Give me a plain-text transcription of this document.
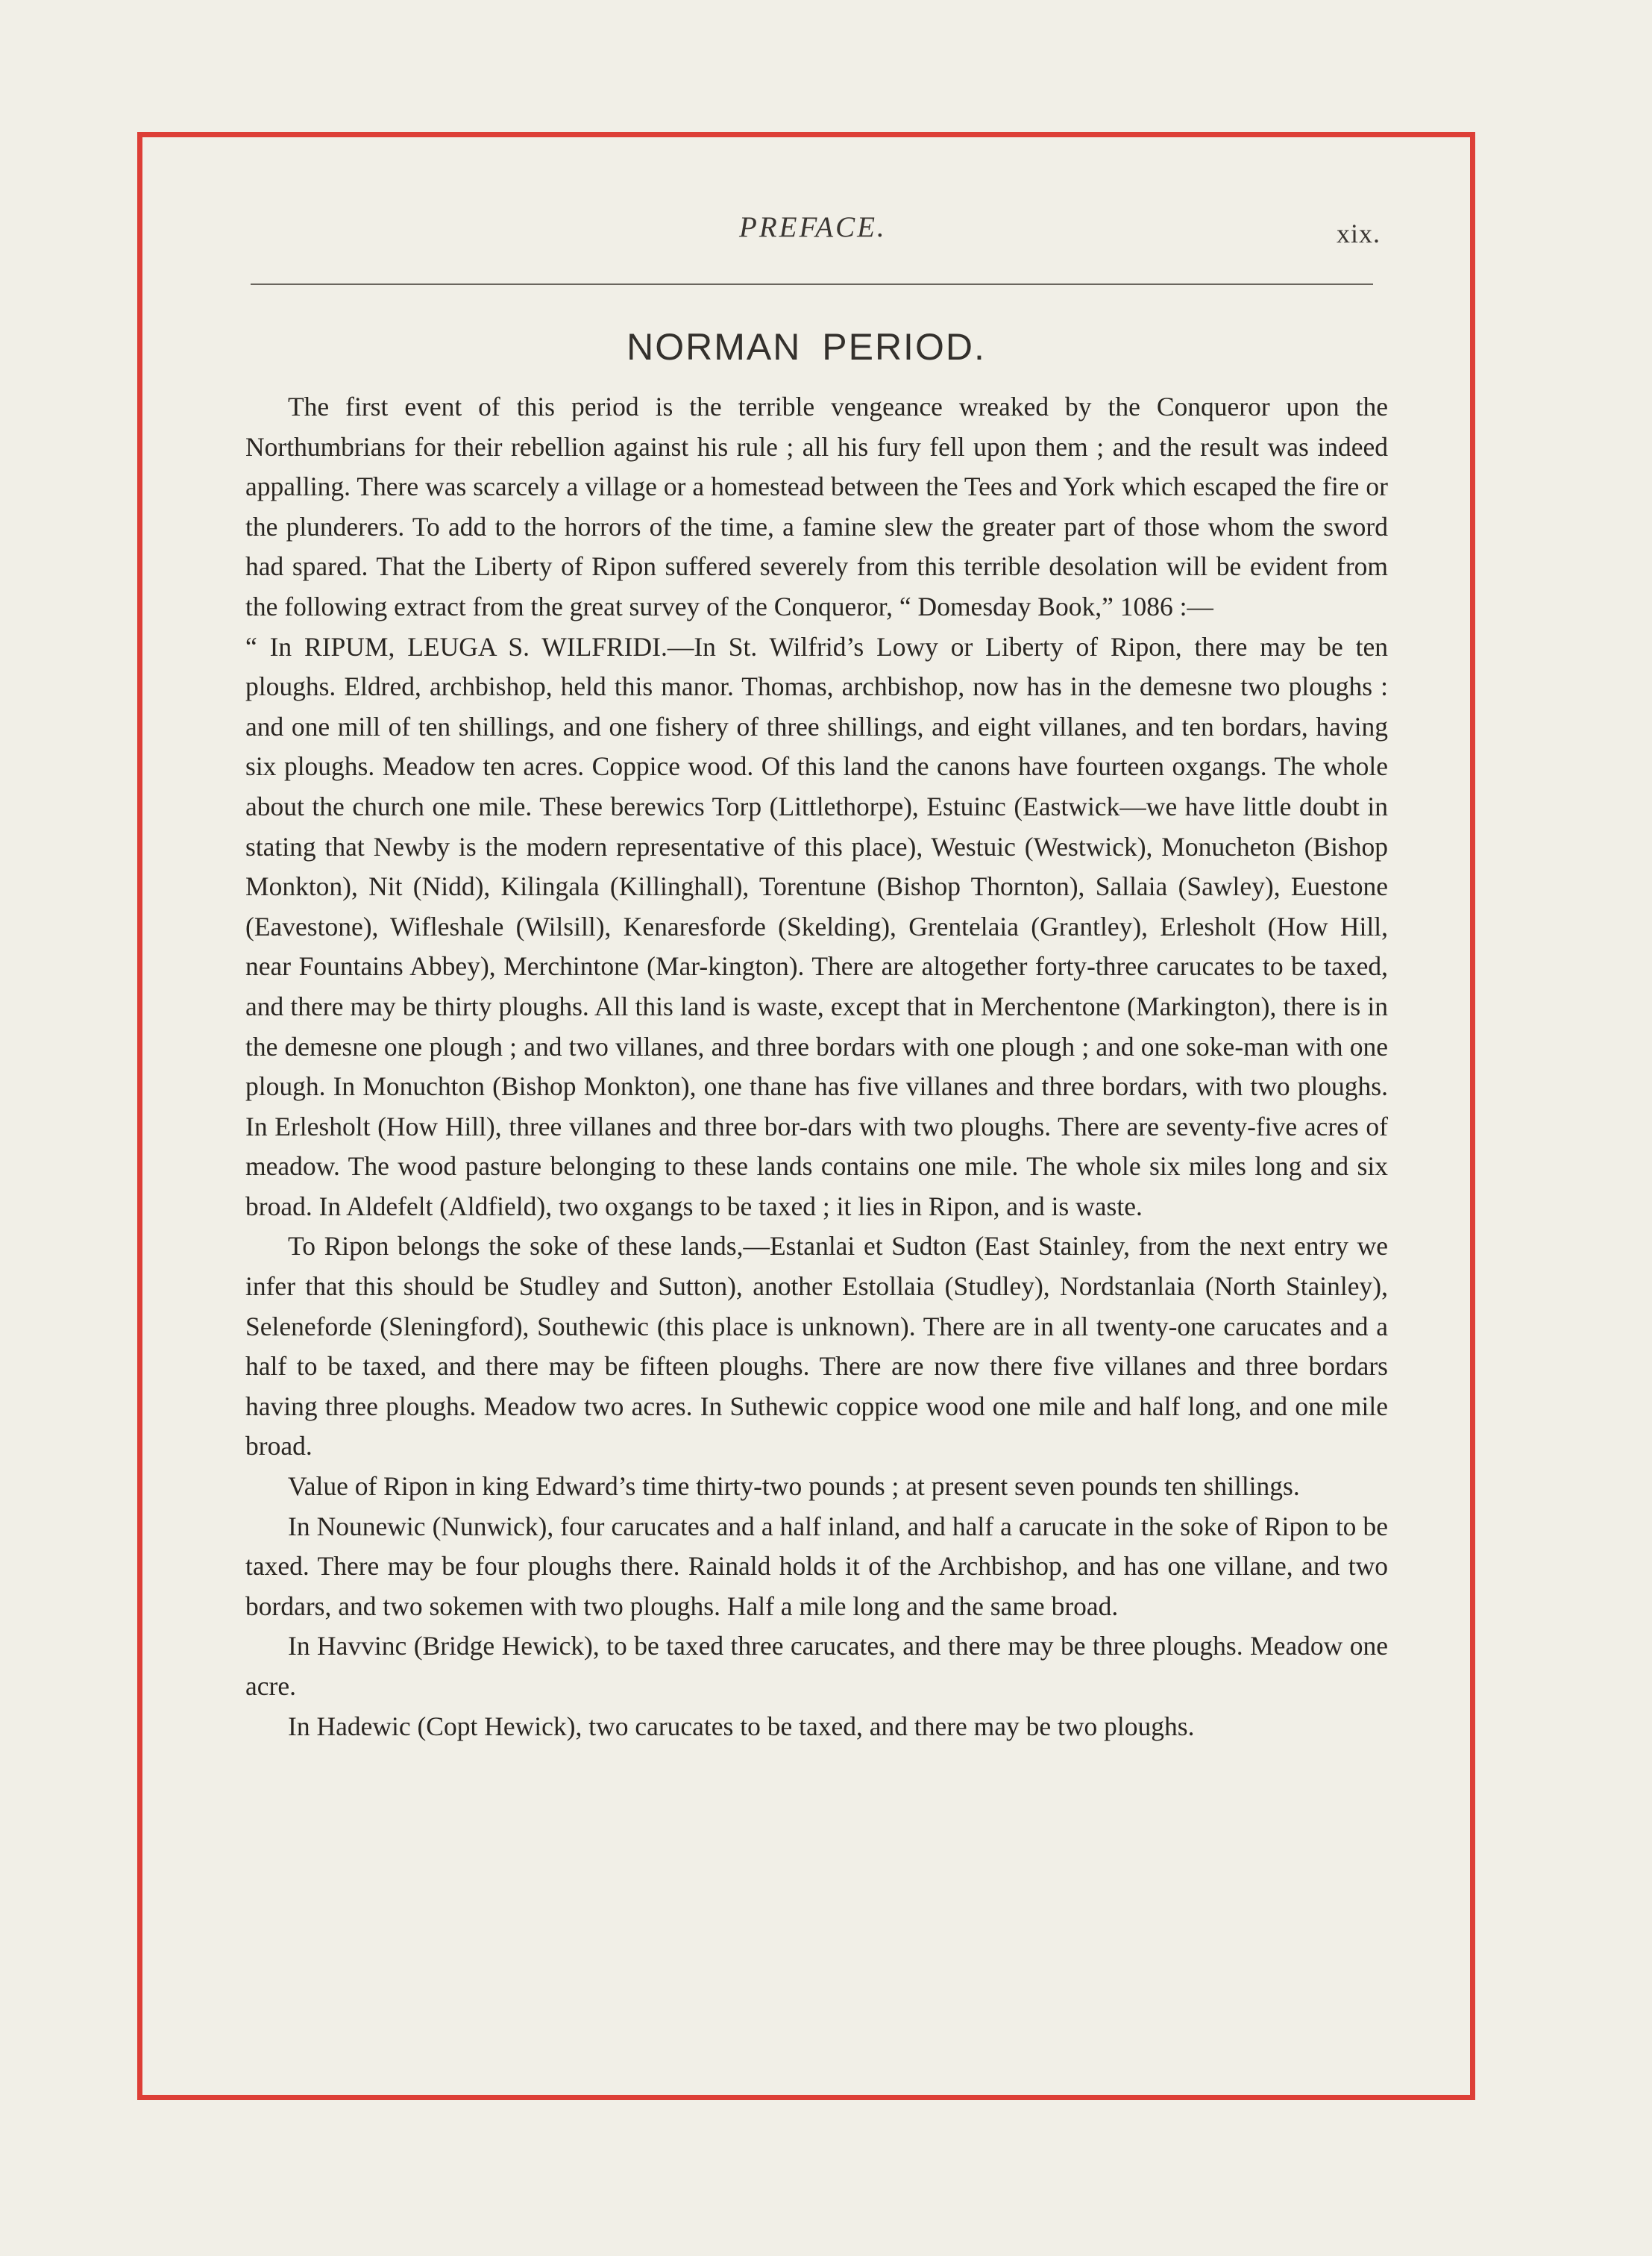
PREFACE.	xix.
NORMAN PERIOD.

The first event of this period is the terrible vengeance wreaked by the Conqueror upon the Northumbrians for their rebellion against his rule ; all his fury fell upon them ; and the result was indeed appalling. There was scarcely a village or a homestead between the Tees and York which escaped the fire or the plunderers. To add to the horrors of the time, a famine slew the greater part of those whom the sword had spared. That the Liberty of Ripon suffered severely from this terrible desolation will be evident from the following extract from the great survey of the Conqueror, “ Domesday Book,” 1086 :—

“ In RIPUM, LEUGA S. WILFRIDI.—In St. Wilfrid’s Lowy or Liberty of Ripon, there may be ten ploughs. Eldred, archbishop, held this manor. Thomas, archbishop, now has in the demesne two ploughs : and one mill of ten shillings, and one fishery of three shillings, and eight villanes, and ten bordars, having six ploughs. Meadow ten acres. Coppice wood. Of this land the canons have fourteen oxgangs. The whole about the church one mile. These berewics Torp (Littlethorpe), Estuinc (Eastwick—we have little doubt in stating that Newby is the modern representative of this place), Westuic (Westwick), Monucheton (Bishop Monkton), Nit (Nidd), Kilingala (Killinghall), Torentune (Bishop Thornton), Sallaia (Sawley), Euestone (Eavestone), Wifleshale (Wilsill), Kenaresforde (Skelding), Grentelaia (Grantley), Erlesholt (How Hill, near Fountains Abbey), Merchintone (Mar-kington). There are altogether forty-three carucates to be taxed, and there may be thirty ploughs. All this land is waste, except that in Merchentone (Markington), there is in the demesne one plough ; and two villanes, and three bordars with one plough ; and one soke-man with one plough. In Monuchton (Bishop Monkton), one thane has five villanes and three bordars, with two ploughs. In Erlesholt (How Hill), three villanes and three bor-dars with two ploughs. There are seventy-five acres of meadow. The wood pasture belonging to these lands contains one mile. The whole six miles long and six broad. In Aldefelt (Aldfield), two oxgangs to be taxed ; it lies in Ripon, and is waste.

To Ripon belongs the soke of these lands,—Estanlai et Sudton (East Stainley, from the next entry we infer that this should be Studley and Sutton), another Estollaia (Studley), Nordstanlaia (North Stainley), Seleneforde (Sleningford), Southewic (this place is unknown). There are in all twenty-one carucates and a half to be taxed, and there may be fifteen ploughs. There are now there five villanes and three bordars having three ploughs. Meadow two acres. In Suthewic coppice wood one mile and half long, and one mile broad.

Value of Ripon in king Edward’s time thirty-two pounds ; at present seven pounds ten shillings.

In Nounewic (Nunwick), four carucates and a half inland, and half a carucate in the soke of Ripon to be taxed. There may be four ploughs there. Rainald holds it of the Archbishop, and has one villane, and two bordars, and two sokemen with two ploughs. Half a mile long and the same broad.

In Havvinc (Bridge Hewick), to be taxed three carucates, and there may be three ploughs. Meadow one acre.

In Hadewic (Copt Hewick), two carucates to be taxed, and there may be two ploughs.
